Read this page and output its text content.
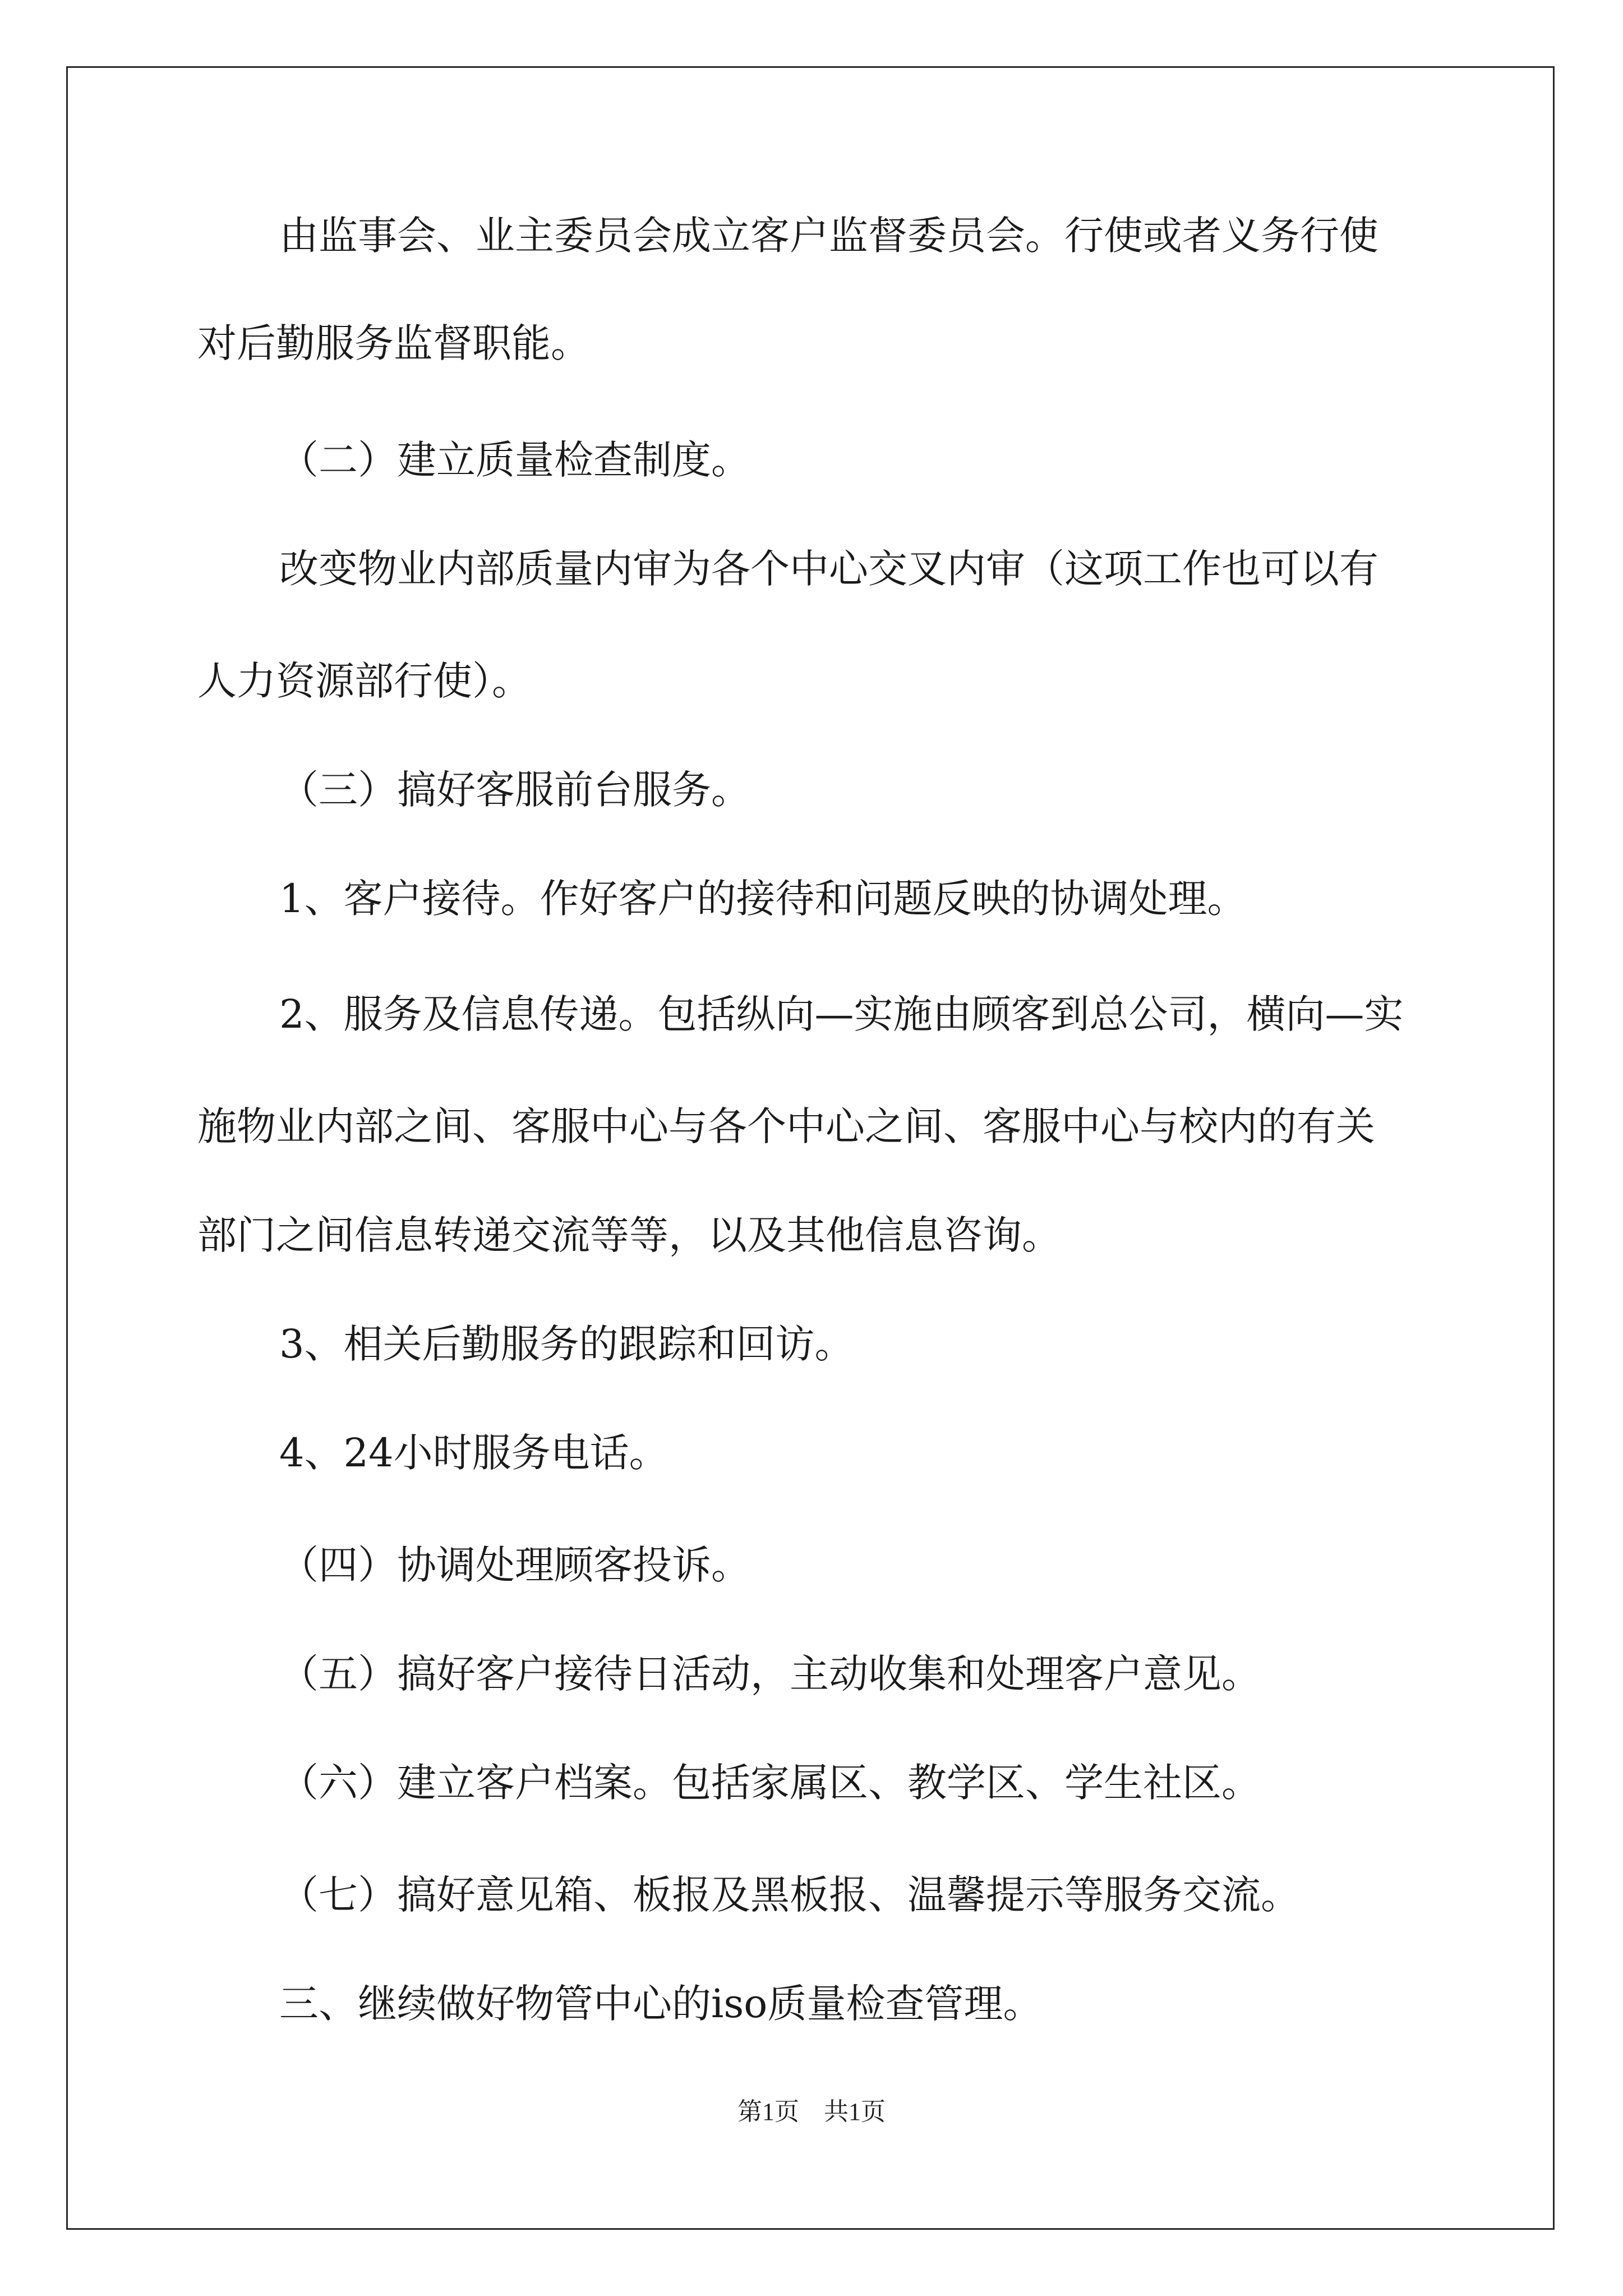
由监事会、业主委员会成立客户监督委员会。行使或者义务行使
对后勤服务监督职能。
（二）建立质量检查制度。
改变物业内部质量内审为各个中心交叉内审（这项工作也可以有
人力资源部行使）。
（三）搞好客服前台服务。
1、客户接待。作好客户的接待和问题反映的协调处理。
2、服务及信息传递。包括纵向—实施由顾客到总公司，横向—实
施物业内部之间、客服中心与各个中心之间、客服中心与校内的有关
部门之间信息转递交流等等，以及其他信息咨询。
3、相关后勤服务的跟踪和回访。
4、24小时服务电话。
（四）协调处理顾客投诉。
（五）搞好客户接待日活动，主动收集和处理客户意见。
（六）建立客户档案。包括家属区、教学区、学生社区。
（七）搞好意见箱、板报及黑板报、温馨提示等服务交流。
三、继续做好物管中心的iso质量检查管理。
第1页　共1页
